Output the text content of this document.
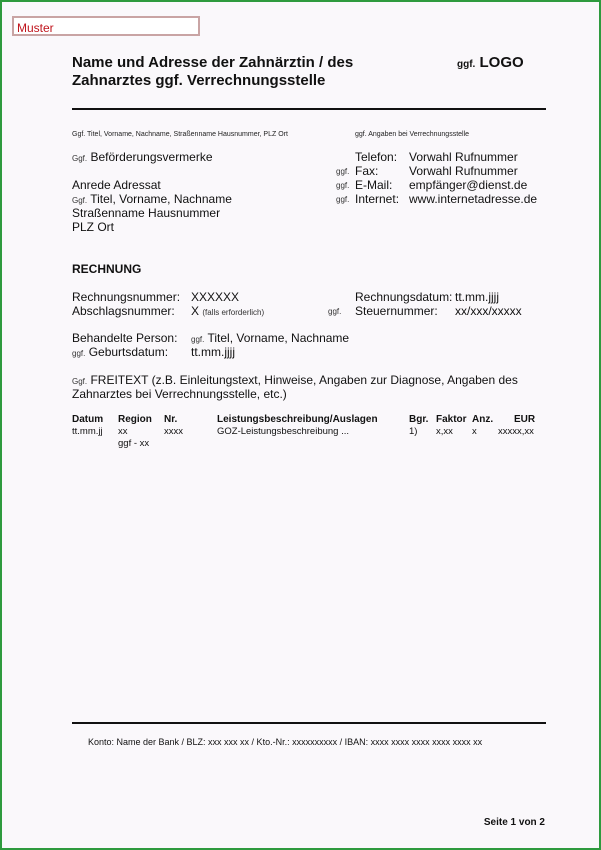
Muster
Name und Adresse der Zahnärztin / des
Zahnarztes ggf. Verrechnungsstelle
ggf. LOGO
Ggf. Titel, Vorname, Nachname, Straßenname Hausnummer, PLZ Ort	ggf. Angaben bei Verrechnungsstelle
Ggf. Beförderungsvermerke
Anrede Adressat
Ggf. Titel, Vorname, Nachname
Straßenname Hausnummer
PLZ Ort
Telefon: Vorwahl Rufnummer
ggf. Fax:	Vorwahl Rufnummer
ggf. E-Mail: empfänger@dienst.de
ggf. Internet: www.internetadresse.de
RECHNUNG
Rechnungsnummer: XXXXXX	Rechnungsdatum: tt.mm.jjjj
Abschlagsnummer: X (falls erforderlich)	ggf. Steuernummer: xx/xxx/xxxxx
Behandelte Person: ggf. Titel, Vorname, Nachname
ggf. Geburtsdatum: tt.mm.jjjj
Ggf. FREITEXT (z.B. Einleitungstext, Hinweise, Angaben zur Diagnose, Angaben des
Zahnarztes bei Verrechnungsstelle, etc.)
Datum Region Nr.	Leistungsbeschreibung/Auslagen	Bgr. Faktor Anz. EUR
tt.mm.jj xx	xxxx	GOZ-Leistungsbeschreibung ...	1) x,xx x xxxxx,xx
ggf - xx
Konto: Name der Bank / BLZ: xxx xxx xx / Kto.-Nr.: xxxxxxxxxx / IBAN: xxxx xxxx xxxx xxxx xxxx xx
Seite 1 von 2
